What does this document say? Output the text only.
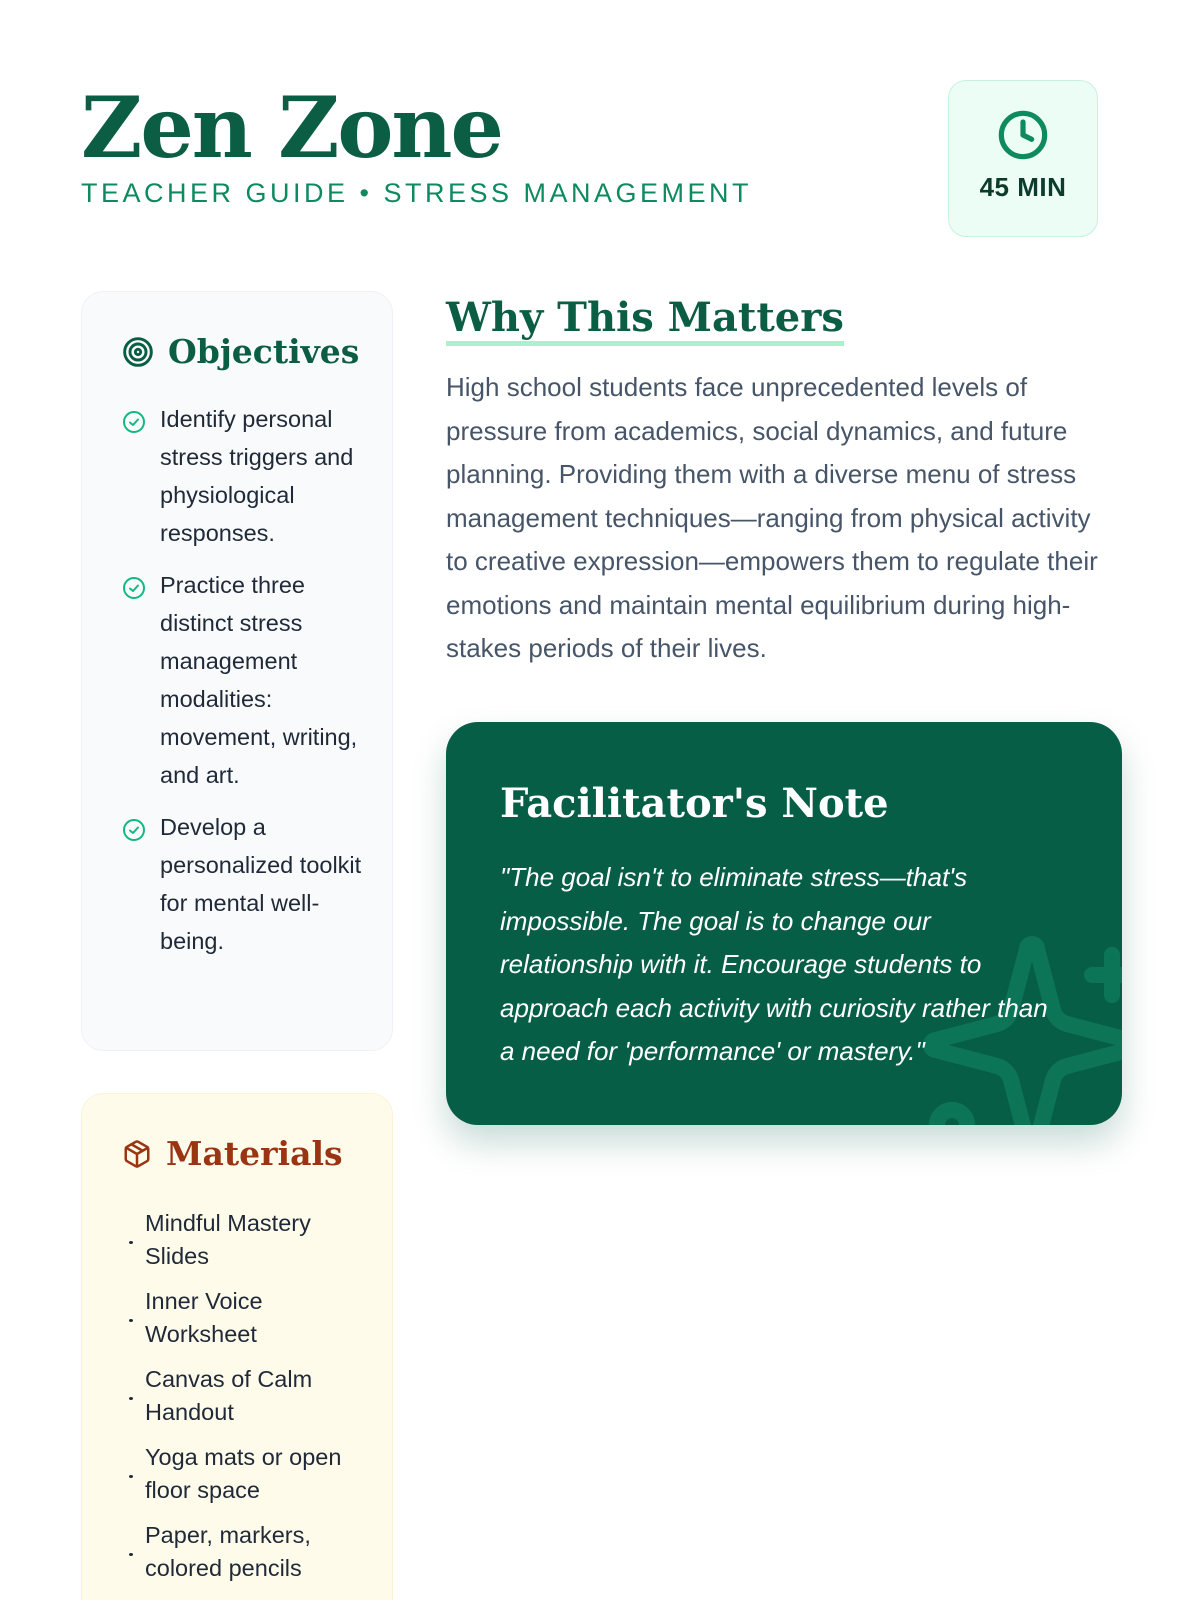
Zen Zone
TEACHER GUIDE • STRESS MANAGEMENT	45 MIN
Objectives
Identify personal stress triggers and physiological responses.
Practice three distinct stress management modalities: movement, writing, and art.
Develop a personalized toolkit for mental well-being.
Materials
Mindful Mastery Slides
Inner Voice Worksheet
Canvas of Calm Handout
Yoga mats or open floor space
Paper, markers, colored pencils
Why This Matters

High school students face unprecedented levels of pressure from academics, social dynamics, and future planning. Providing them with a diverse menu of stress management techniques—ranging from physical activity to creative expression—empowers them to regulate their emotions and maintain mental equilibrium during high-stakes periods of their lives.

Facilitator's Note

"The goal isn't to eliminate stress—that's impossible. The goal is to change our relationship with it. Encourage students to approach each activity with curiosity rather than a need for 'performance' or mastery."
